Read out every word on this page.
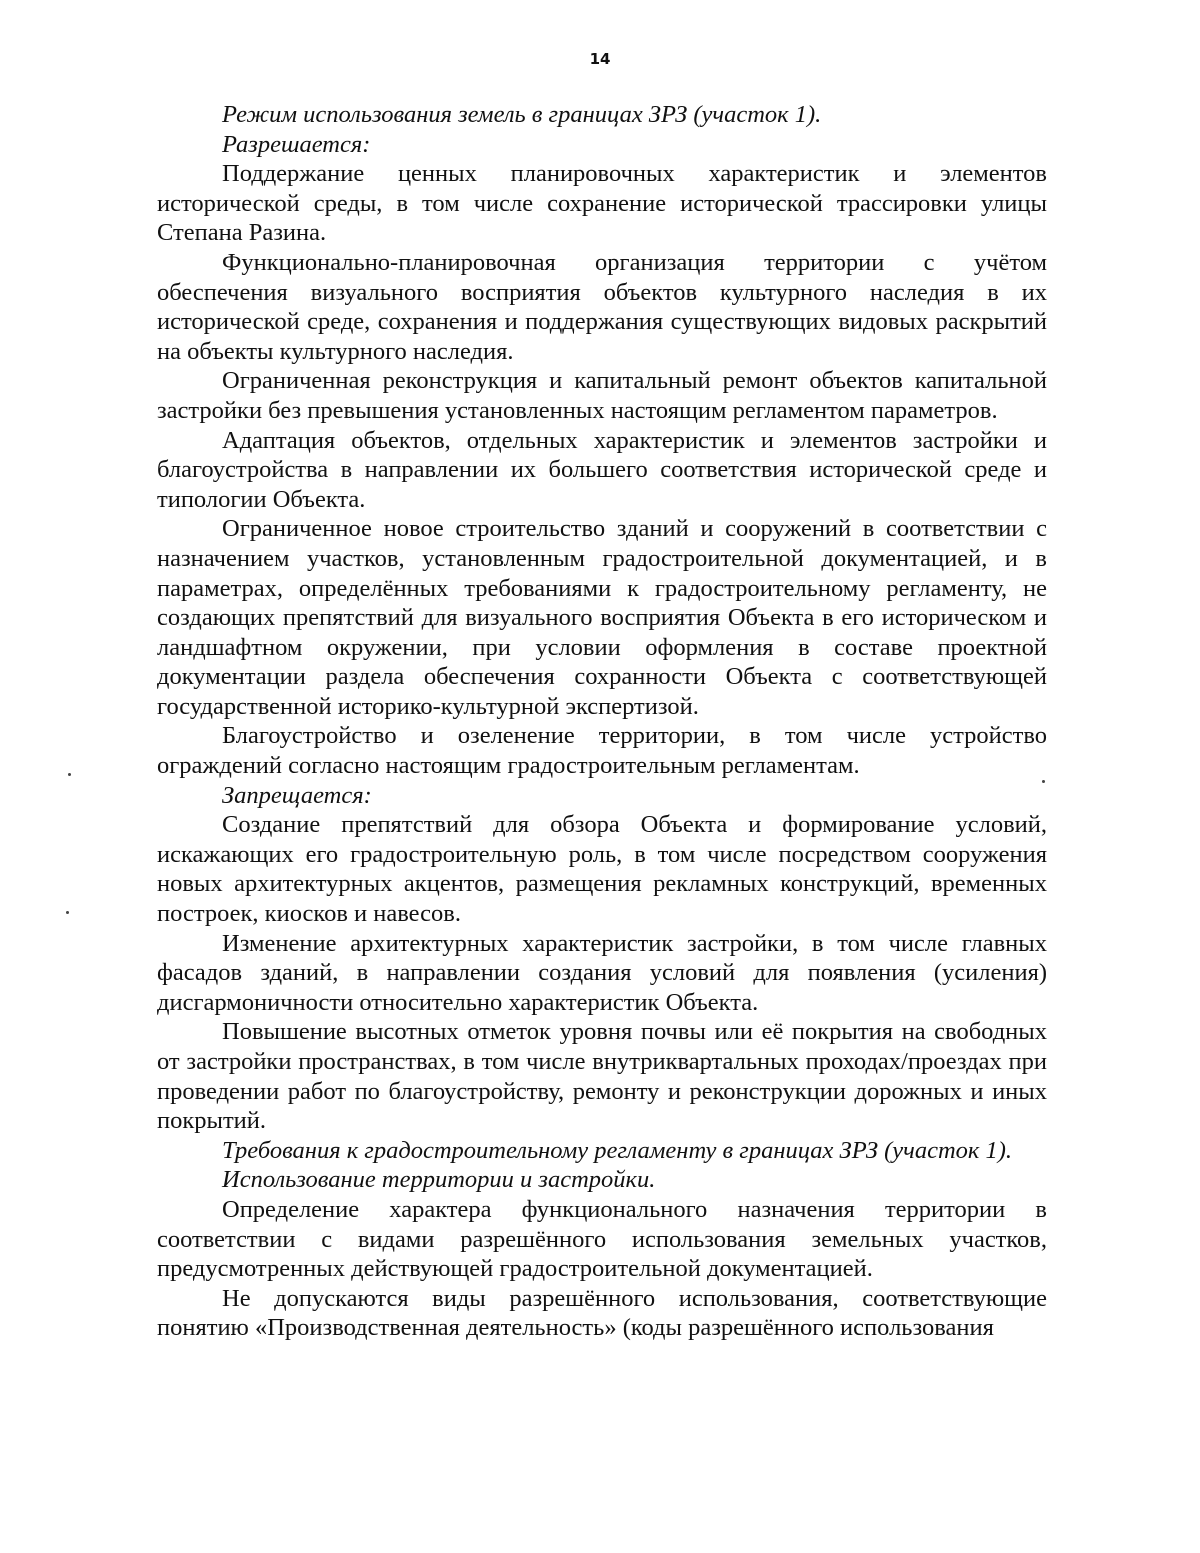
14

Режим использования земель в границах ЗРЗ (участок 1).

Разрешается:

Поддержание ценных планировочных характеристик и элементов исторической среды, в том числе сохранение исторической трассировки улицы Степана Разина.

Функционально-планировочная организация территории с учётом обеспечения визуального восприятия объектов культурного наследия в их исторической среде, сохранения и поддержания существующих видовых раскрытий на объекты культурного наследия.

Ограниченная реконструкция и капитальный ремонт объектов капитальной застройки без превышения установленных настоящим регламентом параметров.

Адаптация объектов, отдельных характеристик и элементов застройки и благоустройства в направлении их большего соответствия исторической среде и типологии Объекта.

Ограниченное новое строительство зданий и сооружений в соответствии с назначением участков, установленным градостроительной документацией, и в параметрах, определённых требованиями к градостроительному регламенту, не создающих препятствий для визуального восприятия Объекта в его историческом и ландшафтном окружении, при условии оформления в составе проектной документации раздела обеспечения сохранности Объекта с соответствующей государственной историко-культурной экспертизой.

Благоустройство и озеленение территории, в том числе устройство ограждений согласно настоящим градостроительным регламентам.

Запрещается:

Создание препятствий для обзора Объекта и формирование условий, искажающих его градостроительную роль, в том числе посредством сооружения новых архитектурных акцентов, размещения рекламных конструкций, временных построек, киосков и навесов.

Изменение архитектурных характеристик застройки, в том числе главных фасадов зданий, в направлении создания условий для появления (усиления) дисгармоничности относительно характеристик Объекта.

Повышение высотных отметок уровня почвы или её покрытия на свободных от застройки пространствах, в том числе внутриквартальных проходах/проездах при проведении работ по благоустройству, ремонту и реконструкции дорожных и иных покрытий.

Требования к градостроительному регламенту в границах ЗРЗ (участок 1).

Использование территории и застройки.

Определение характера функционального назначения территории в соответствии с видами разрешённого использования земельных участков, предусмотренных действующей градостроительной документацией.

Не допускаются виды разрешённого использования, соответствующие понятию «Производственная деятельность» (коды разрешённого использования
